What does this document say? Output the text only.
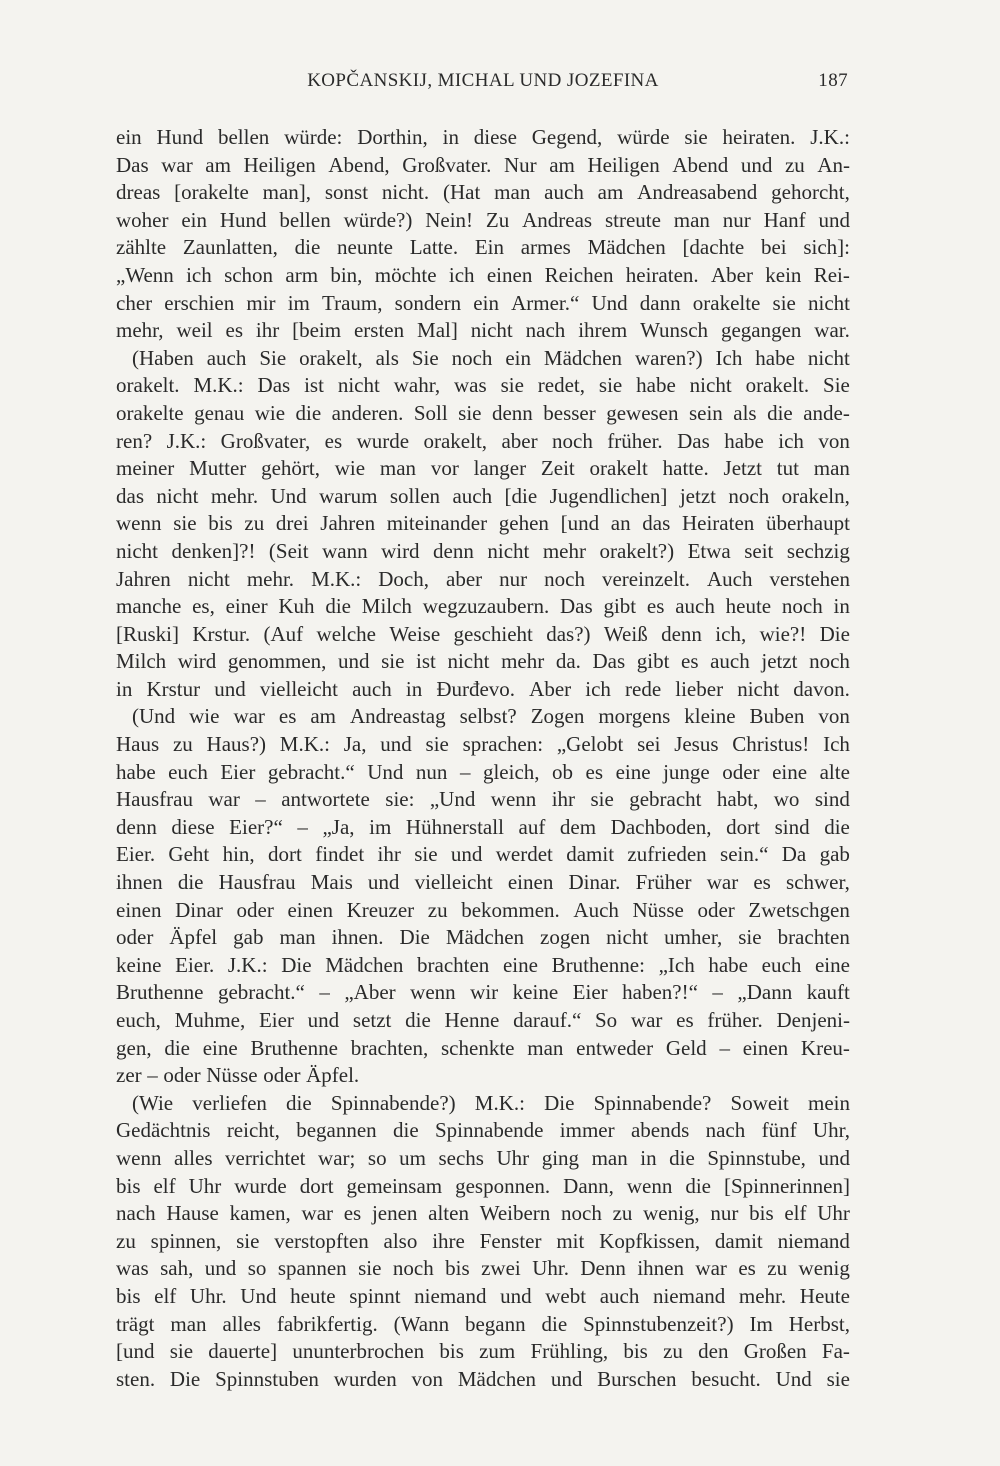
KOPČANSKIJ, MICHAL UND JOZEFINA	187
ein Hund bellen würde: Dorthin, in diese Gegend, würde sie heiraten. J.K.:
Das war am Heiligen Abend, Großvater. Nur am Heiligen Abend und zu An-
dreas [orakelte man], sonst nicht. (Hat man auch am Andreasabend gehorcht,
woher ein Hund bellen würde?) Nein! Zu Andreas streute man nur Hanf und
zählte Zaunlatten, die neunte Latte. Ein armes Mädchen [dachte bei sich]:
„Wenn ich schon arm bin, möchte ich einen Reichen heiraten. Aber kein Rei-
cher erschien mir im Traum, sondern ein Armer.“ Und dann orakelte sie nicht
mehr, weil es ihr [beim ersten Mal] nicht nach ihrem Wunsch gegangen war.
(Haben auch Sie orakelt, als Sie noch ein Mädchen waren?) Ich habe nicht
orakelt. M.K.: Das ist nicht wahr, was sie redet, sie habe nicht orakelt. Sie
orakelte genau wie die anderen. Soll sie denn besser gewesen sein als die ande-
ren? J.K.: Großvater, es wurde orakelt, aber noch früher. Das habe ich von
meiner Mutter gehört, wie man vor langer Zeit orakelt hatte. Jetzt tut man
das nicht mehr. Und warum sollen auch [die Jugendlichen] jetzt noch orakeln,
wenn sie bis zu drei Jahren miteinander gehen [und an das Heiraten überhaupt
nicht denken]?! (Seit wann wird denn nicht mehr orakelt?) Etwa seit sechzig
Jahren nicht mehr. M.K.: Doch, aber nur noch vereinzelt. Auch verstehen
manche es, einer Kuh die Milch wegzuzaubern. Das gibt es auch heute noch in
[Ruski] Krstur. (Auf welche Weise geschieht das?) Weiß denn ich, wie?! Die
Milch wird genommen, und sie ist nicht mehr da. Das gibt es auch jetzt noch
in Krstur und vielleicht auch in Đurđevo. Aber ich rede lieber nicht davon.
(Und wie war es am Andreastag selbst? Zogen morgens kleine Buben von
Haus zu Haus?) M.K.: Ja, und sie sprachen: „Gelobt sei Jesus Christus! Ich
habe euch Eier gebracht.“ Und nun – gleich, ob es eine junge oder eine alte
Hausfrau war – antwortete sie: „Und wenn ihr sie gebracht habt, wo sind
denn diese Eier?“ – „Ja, im Hühnerstall auf dem Dachboden, dort sind die
Eier. Geht hin, dort findet ihr sie und werdet damit zufrieden sein.“ Da gab
ihnen die Hausfrau Mais und vielleicht einen Dinar. Früher war es schwer,
einen Dinar oder einen Kreuzer zu bekommen. Auch Nüsse oder Zwetschgen
oder Äpfel gab man ihnen. Die Mädchen zogen nicht umher, sie brachten
keine Eier. J.K.: Die Mädchen brachten eine Bruthenne: „Ich habe euch eine
Bruthenne gebracht.“ – „Aber wenn wir keine Eier haben?!“ – „Dann kauft
euch, Muhme, Eier und setzt die Henne darauf.“ So war es früher. Denjeni-
gen, die eine Bruthenne brachten, schenkte man entweder Geld – einen Kreu-
zer – oder Nüsse oder Äpfel.
(Wie verliefen die Spinnabende?) M.K.: Die Spinnabende? Soweit mein
Gedächtnis reicht, begannen die Spinnabende immer abends nach fünf Uhr,
wenn alles verrichtet war; so um sechs Uhr ging man in die Spinnstube, und
bis elf Uhr wurde dort gemeinsam gesponnen. Dann, wenn die [Spinnerinnen]
nach Hause kamen, war es jenen alten Weibern noch zu wenig, nur bis elf Uhr
zu spinnen, sie verstopften also ihre Fenster mit Kopfkissen, damit niemand
was sah, und so spannen sie noch bis zwei Uhr. Denn ihnen war es zu wenig
bis elf Uhr. Und heute spinnt niemand und webt auch niemand mehr. Heute
trägt man alles fabrikfertig. (Wann begann die Spinnstubenzeit?) Im Herbst,
[und sie dauerte] ununterbrochen bis zum Frühling, bis zu den Großen Fa-
sten. Die Spinnstuben wurden von Mädchen und Burschen besucht. Und sie
